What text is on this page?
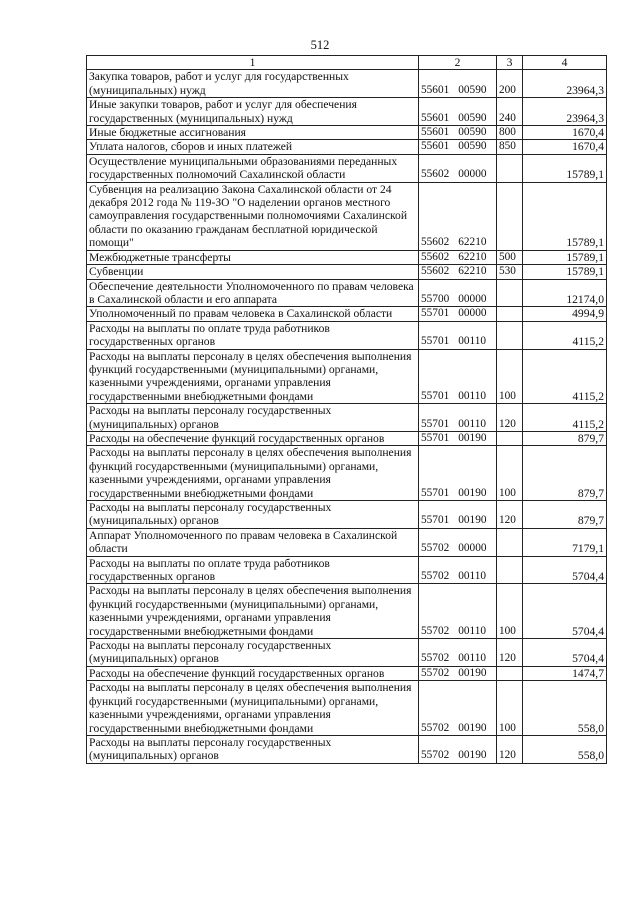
512
1	2	3	4
Закупка товаров, работ и услуг для государственных (муниципальных) нужд	55601 00590	200	23964,3
Иные закупки товаров, работ и услуг для обеспечения государственных (муниципальных) нужд	55601 00590	240	23964,3
Иные бюджетные ассигнования	55601 00590	800	1670,4
Уплата налогов, сборов и иных платежей	55601 00590	850	1670,4
Осуществление муниципальными образованиями переданных государственных полномочий Сахалинской области	55602 00000		15789,1
Субвенция на реализацию Закона Сахалинской области от 24 декабря 2012 года № 119-ЗО "О наделении органов местного самоуправления государственными полномочиями Сахалинской области по оказанию гражданам бесплатной юридической помощи"	55602 62210		15789,1
Межбюджетные трансферты	55602 62210	500	15789,1
Субвенции	55602 62210	530	15789,1
Обеспечение деятельности Уполномоченного по правам человека в Сахалинской области и его аппарата	55700 00000		12174,0
Уполномоченный по правам человека в Сахалинской области	55701 00000		4994,9
Расходы на выплаты по оплате труда работников государственных органов	55701 00110		4115,2
Расходы на выплаты персоналу в целях обеспечения выполнения функций государственными (муниципальными) органами, казенными учреждениями, органами управления государственными внебюджетными фондами	55701 00110	100	4115,2
Расходы на выплаты персоналу государственных (муниципальных) органов	55701 00110	120	4115,2
Расходы на обеспечение функций государственных органов	55701 00190		879,7
Расходы на выплаты персоналу в целях обеспечения выполнения функций государственными (муниципальными) органами, казенными учреждениями, органами управления государственными внебюджетными фондами	55701 00190	100	879,7
Расходы на выплаты персоналу государственных (муниципальных) органов	55701 00190	120	879,7
Аппарат Уполномоченного по правам человека в Сахалинской области	55702 00000		7179,1
Расходы на выплаты по оплате труда работников государственных органов	55702 00110		5704,4
Расходы на выплаты персоналу в целях обеспечения выполнения функций государственными (муниципальными) органами, казенными учреждениями, органами управления государственными внебюджетными фондами	55702 00110	100	5704,4
Расходы на выплаты персоналу государственных (муниципальных) органов	55702 00110	120	5704,4
Расходы на обеспечение функций государственных органов	55702 00190		1474,7
Расходы на выплаты персоналу в целях обеспечения выполнения функций государственными (муниципальными) органами, казенными учреждениями, органами управления государственными внебюджетными фондами	55702 00190	100	558,0
Расходы на выплаты персоналу государственных (муниципальных) органов	55702 00190	120	558,0
